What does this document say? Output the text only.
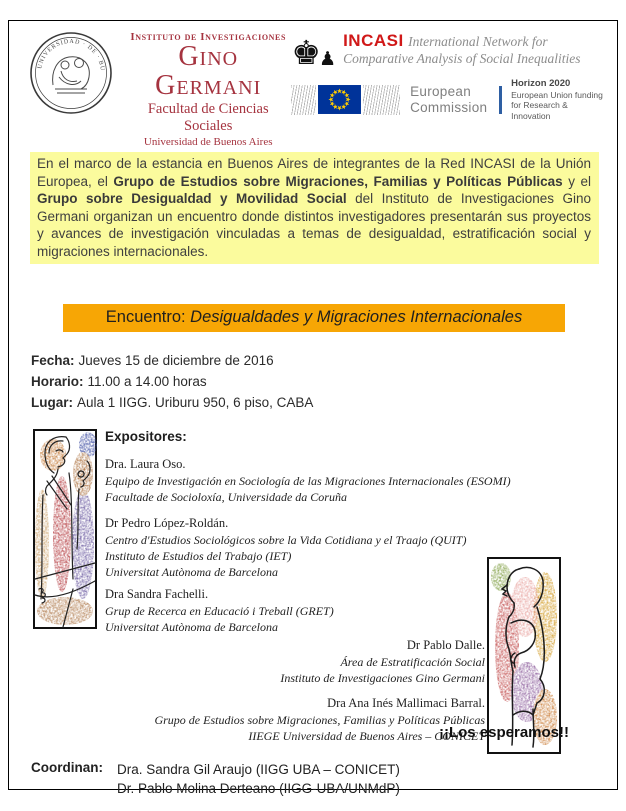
UNIVERSIDAD · DE · BU
Instituto de Investigaciones
Gino Germani
Facultad de Ciencias Sociales
Universidad de Buenos Aires
♚
♟
INCASI International Network for
Comparative Analysis of Social Inequalities
European
Commission
Horizon 2020
European Union funding
for Research & Innovation

En el marco de la estancia en Buenos Aires de integrantes de la Red INCASI de la Unión Europea, el Grupo de Estudios sobre Migraciones, Familias y Políticas Públicas y el Grupo sobre Desigualdad y Movilidad Social del Instituto de Investigaciones Gino Germani organizan un encuentro donde distintos investigadores presentarán sus proyectos y avances de investigación vinculadas a temas de desigualdad, estratificación social y migraciones internacionales.

Encuentro: Desigualdades y Migraciones Internacionales
Fecha: Jueves 15 de diciembre de 2016
Horario: 11.00 a 14.00 horas
Lugar: Aula 1 IIGG. Uriburu 950, 6 piso, CABA
Expositores:
Dra. Laura Oso.
Equipo de Investigación en Sociología de las Migraciones Internacionales (ESOMI)
Facultade de Socioloxía, Universidade da Coruña
Dr Pedro López-Roldán.
Centro d'Estudios Sociológicos sobre la Vida Cotidiana y el Traajo (QUIT)
Instituto de Estudios del Trabajo (IET)
Universitat Autònoma de Barcelona
Dra Sandra Fachelli.
Grup de Recerca en Educació i Treball (GRET)
Universitat Autònoma de Barcelona
Dr Pablo Dalle.
Área de Estratificación Social
Instituto de Investigaciones Gino Germani
Dra Ana Inés Mallimaci Barral.
Grupo de Estudios sobre Migraciones, Familias y Políticas Públicas
IIEGE Universidad de Buenos Aires – CONICET
Coordinan:	Dra. Sandra Gil Araujo (IIGG UBA – CONICET)
Dr. Pablo Molina Derteano (IIGG-UBA/UNMdP)
¡¡Los esperamos!!
